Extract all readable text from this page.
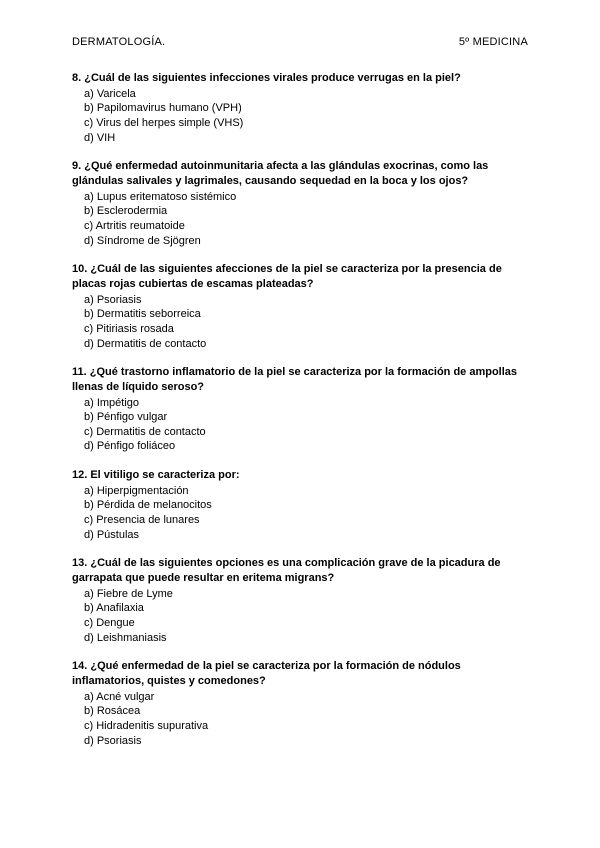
DERMATOLOGÍA.	5º MEDICINA

8. ¿Cuál de las siguientes infecciones virales produce verrugas en la piel?

a) Varicela
b) Papilomavirus humano (VPH)
c) Virus del herpes simple (VHS)
d) VIH

9. ¿Qué enfermedad autoinmunitaria afecta a las glándulas exocrinas, como las glándulas salivales y lagrimales, causando sequedad en la boca y los ojos?

a) Lupus eritematoso sistémico
b) Esclerodermia
c) Artritis reumatoide
d) Síndrome de Sjögren

10. ¿Cuál de las siguientes afecciones de la piel se caracteriza por la presencia de placas rojas cubiertas de escamas plateadas?

a) Psoriasis
b) Dermatitis seborreica
c) Pitiriasis rosada
d) Dermatitis de contacto

11. ¿Qué trastorno inflamatorio de la piel se caracteriza por la formación de ampollas llenas de líquido seroso?

a) Impétigo
b) Pénfigo vulgar
c) Dermatitis de contacto
d) Pénfigo foliáceo

12. El vitiligo se caracteriza por:

a) Hiperpigmentación
b) Pérdida de melanocitos
c) Presencia de lunares
d) Pústulas

13. ¿Cuál de las siguientes opciones es una complicación grave de la picadura de garrapata que puede resultar en eritema migrans?

a) Fiebre de Lyme
b) Anafilaxia
c) Dengue
d) Leishmaniasis

14. ¿Qué enfermedad de la piel se caracteriza por la formación de nódulos inflamatorios, quistes y comedones?

a) Acné vulgar
b) Rosácea
c) Hidradenitis supurativa
d) Psoriasis
